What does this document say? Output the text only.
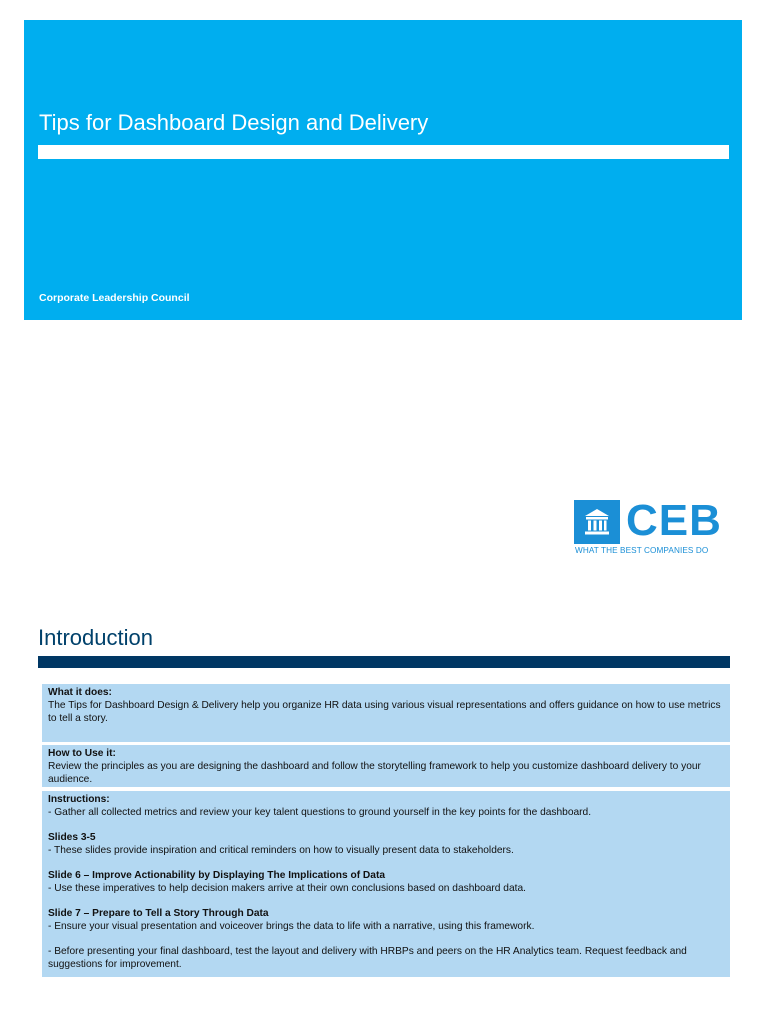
Tips for Dashboard Design and Delivery
Corporate Leadership Council
CEB
WHAT THE BEST COMPANIES DO
Introduction

What it does:

The Tips for Dashboard Design & Delivery help you organize HR data using various visual representations and offers guidance on how to use metrics to tell a story.

How to Use it:

Review the principles as you are designing the dashboard and follow the storytelling framework to help you customize dashboard delivery to your audience.

Instructions:

- Gather all collected metrics and review your key talent questions to ground yourself in the key points for the dashboard.

Slides 3-5

- These slides provide inspiration and critical reminders on how to visually present data to stakeholders.

Slide 6 – Improve Actionability by Displaying The Implications of Data

- Use these imperatives to help decision makers arrive at their own conclusions based on dashboard data.

Slide 7 – Prepare to Tell a Story Through Data

- Ensure your visual presentation and voiceover brings the data to life with a narrative, using this framework.

- Before presenting your final dashboard, test the layout and delivery with HRBPs and peers on the HR Analytics team. Request feedback and suggestions for improvement.
